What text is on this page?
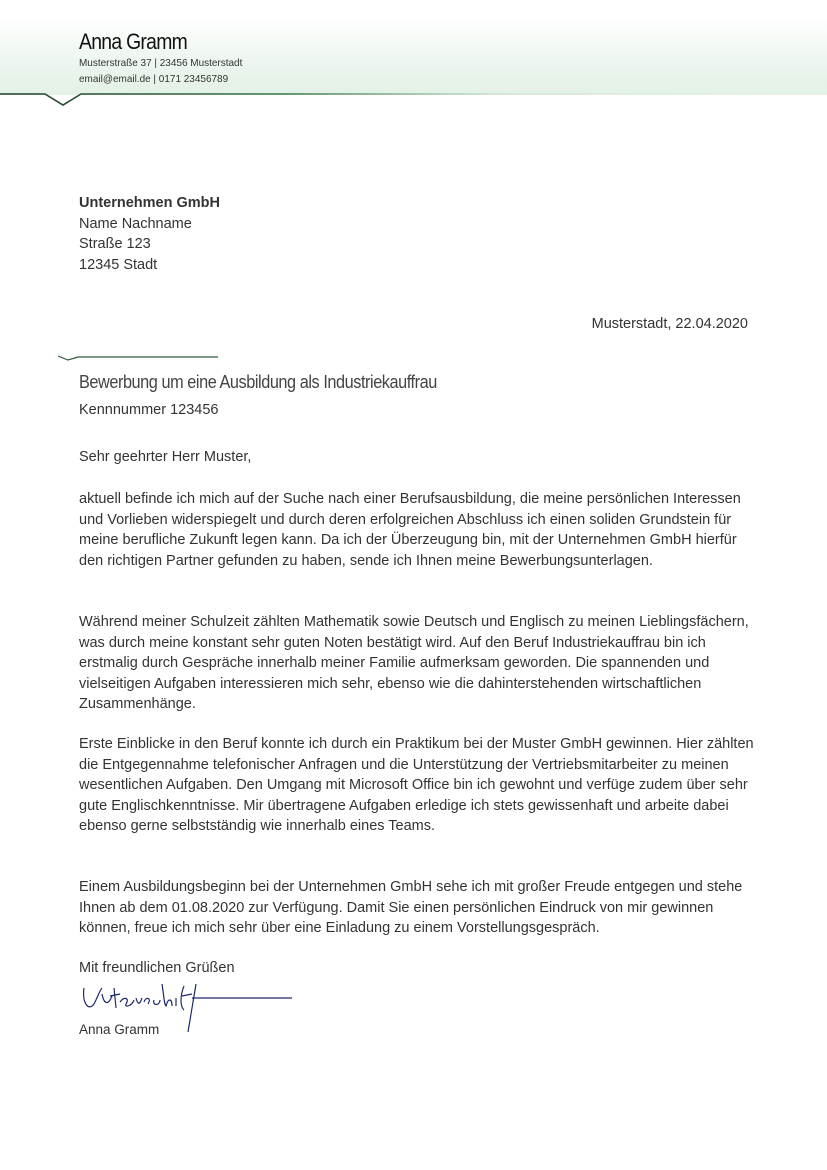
Anna Gramm
Musterstraße 37 | 23456 Musterstadt
email@email.de | 0171 23456789
Unternehmen GmbH
Name Nachname
Straße 123
12345 Stadt
Musterstadt, 22.04.2020
Bewerbung um eine Ausbildung als Industriekauffrau
Kennnummer 123456
Sehr geehrter Herr Muster,

aktuell befinde ich mich auf der Suche nach einer Berufsausbildung, die meine persönlichen Interessen und Vorlieben widerspiegelt und durch deren erfolgreichen Abschluss ich einen soliden Grundstein für meine berufliche Zukunft legen kann. Da ich der Überzeugung bin, mit der Unternehmen GmbH hierfür den richtigen Partner gefunden zu haben, sende ich Ihnen meine Bewerbungsunterlagen.

Während meiner Schulzeit zählten Mathematik sowie Deutsch und Englisch zu meinen Lieblingsfächern, was durch meine konstant sehr guten Noten bestätigt wird. Auf den Beruf Industriekauffrau bin ich erstmalig durch Gespräche innerhalb meiner Familie aufmerksam geworden. Die spannenden und vielseitigen Aufgaben interessieren mich sehr, ebenso wie die dahinterstehenden wirtschaftlichen Zusammenhänge.

Erste Einblicke in den Beruf konnte ich durch ein Praktikum bei der Muster GmbH gewinnen. Hier zählten die Entgegennahme telefonischer Anfragen und die Unterstützung der Vertriebsmitarbeiter zu meinen wesentlichen Aufgaben. Den Umgang mit Microsoft Office bin ich gewohnt und verfüge zudem über sehr gute Englischkenntnisse. Mir übertragene Aufgaben erledige ich stets gewissenhaft und arbeite dabei ebenso gerne selbstständig wie innerhalb eines Teams.

Einem Ausbildungsbeginn bei der Unternehmen GmbH sehe ich mit großer Freude entgegen und stehe Ihnen ab dem 01.08.2020 zur Verfügung. Damit Sie einen persönlichen Eindruck von mir gewinnen können, freue ich mich sehr über eine Einladung zu einem Vorstellungsgespräch.

Mit freundlichen Grüßen
Anna Gramm
